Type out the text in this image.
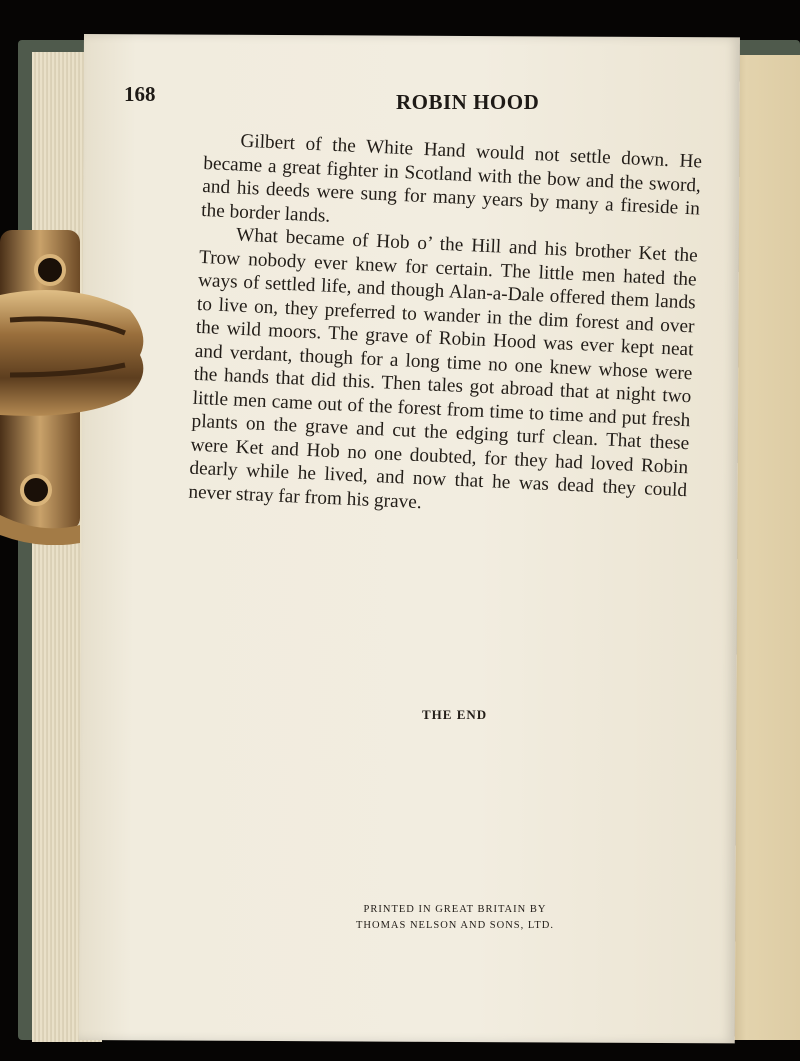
168	ROBIN HOOD

Gilbert of the White Hand would not settle down. He became a great fighter in Scotland with the bow and the sword, and his deeds were sung for many years by many a fireside in the border lands.

What became of Hob o’ the Hill and his brother Ket the Trow nobody ever knew for certain. The little men hated the ways of settled life, and though Alan-a-Dale offered them lands to live on, they preferred to wander in the dim forest and over the wild moors. The grave of Robin Hood was ever kept neat and verdant, though for a long time no one knew whose were the hands that did this. Then tales got abroad that at night two little men came out of the forest from time to time and put fresh plants on the grave and cut the edging turf clean. That these were Ket and Hob no one doubted, for they had loved Robin dearly while he lived, and now that he was dead they could never stray far from his grave.

THE END
PRINTED IN GREAT BRITAIN BY
THOMAS NELSON AND SONS, LTD.
